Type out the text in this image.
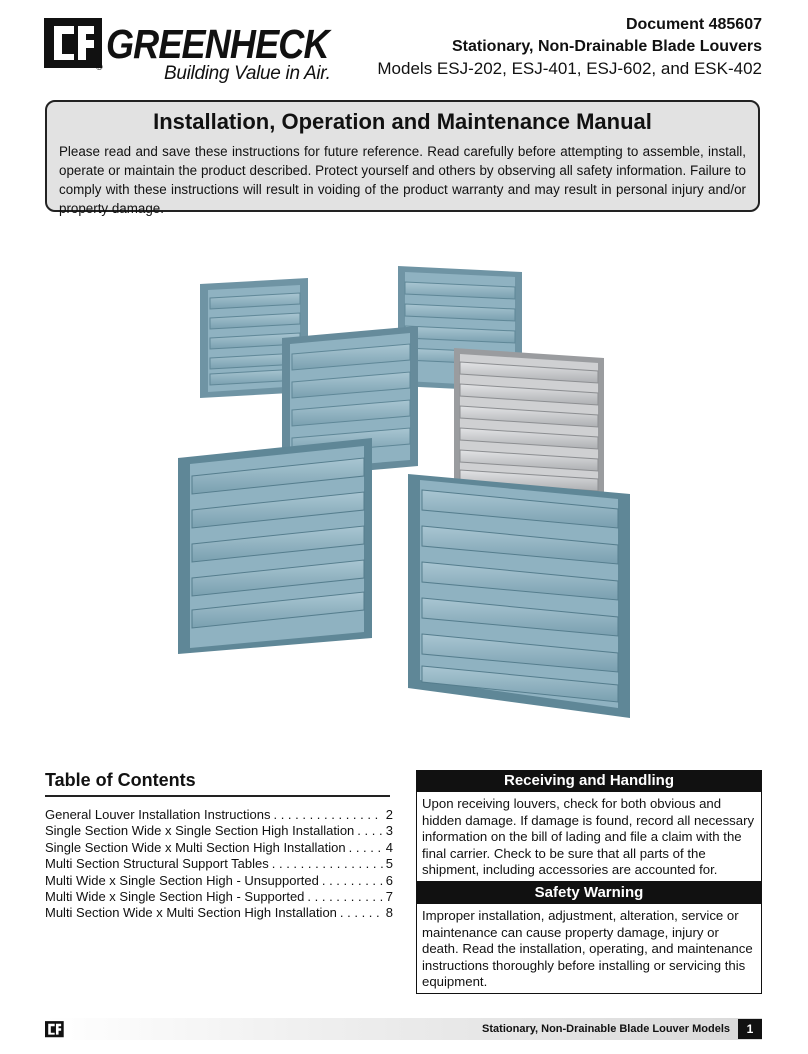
® GREENHECK
Building Value in Air.
Document 485607
Stationary, Non-Drainable Blade Louvers
Models ESJ-202, ESJ-401, ESJ-602, and ESK-402
Installation, Operation and Maintenance Manual

Please read and save these instructions for future reference. Read carefully before attempting to assemble, install, operate or maintain the product described. Protect yourself and others by observing all safety information. Failure to comply with these instructions will result in voiding of the product warranty and may result in personal injury and/or property damage.

Table of Contents
General Louver Installation Instructions . . .	2
Single Section Wide x Single Section High Installation . . . 3
Single Section Wide x Multi Section High Installation . . .	4
Multi Section Structural Support Tables . . .	5
Multi Wide x Single Section High - Unsupported . . .	6
Multi Wide x Single Section High - Supported . . .	7
Multi Section Wide x Multi Section High Installation . . .	8
Receiving and Handling
Upon receiving louvers, check for both obvious and hidden damage. If damage is found, record all necessary information on the bill of lading and file a claim with the final carrier. Check to be sure that all parts of the shipment, including accessories are accounted for.
Safety Warning
Improper installation, adjustment, alteration, service or maintenance can cause property damage, injury or death. Read the installation, operating, and maintenance instructions thoroughly before installing or servicing this equipment.
Stationary, Non-Drainable Blade Louver Models	1
